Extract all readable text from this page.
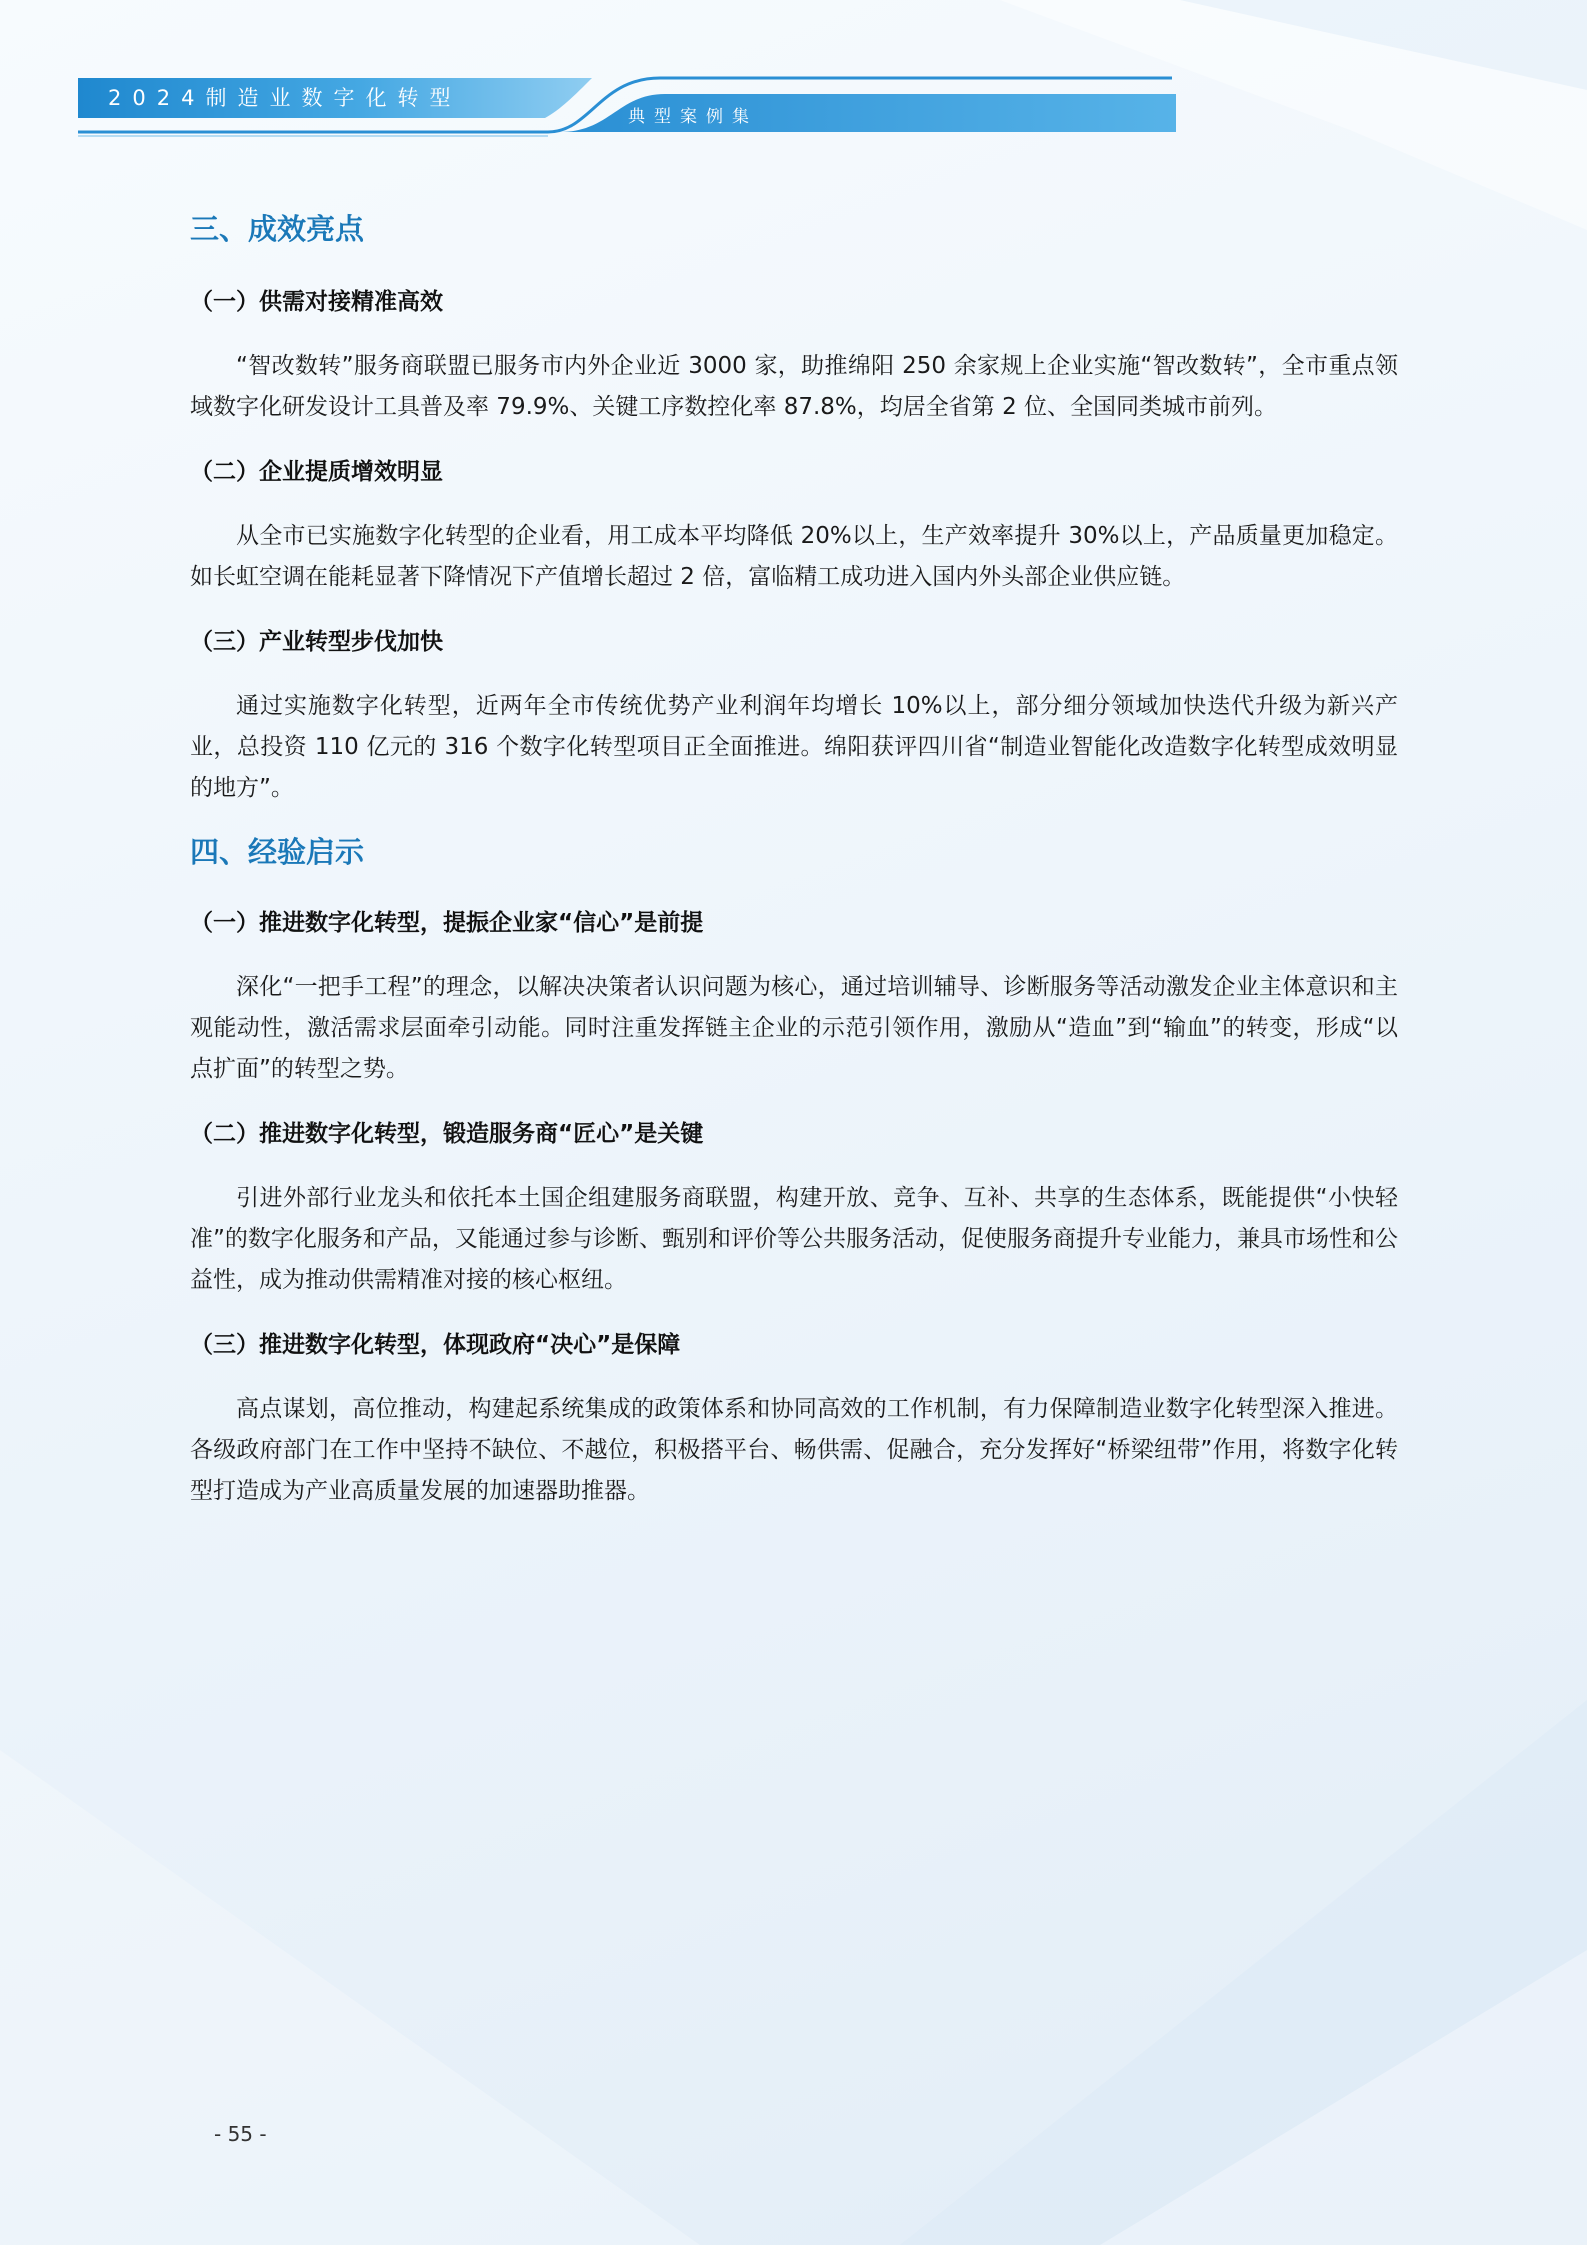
2024制造业数字化转型
典型案例集
三、成效亮点
（一）供需对接精准高效

“智改数转”服务商联盟已服务市内外企业近 3000 家，助推绵阳 250 余家规上企业实施“智改数转”，全市重点领域数字化研发设计工具普及率 79.9%、关键工序数控化率 87.8%，均居全省第 2 位、全国同类城市前列。

（二）企业提质增效明显

从全市已实施数字化转型的企业看，用工成本平均降低 20%以上，生产效率提升 30%以上，产品质量更加稳定。如长虹空调在能耗显著下降情况下产值增长超过 2 倍，富临精工成功进入国内外头部企业供应链。

（三）产业转型步伐加快

通过实施数字化转型，近两年全市传统优势产业利润年均增长 10%以上，部分细分领域加快迭代升级为新兴产业，总投资 110 亿元的 316 个数字化转型项目正全面推进。绵阳获评四川省“制造业智能化改造数字化转型成效明显的地方”。

四、经验启示
（一）推进数字化转型，提振企业家“信心”是前提

深化“一把手工程”的理念，以解决决策者认识问题为核心，通过培训辅导、诊断服务等活动激发企业主体意识和主观能动性，激活需求层面牵引动能。同时注重发挥链主企业的示范引领作用，激励从“造血”到“输血”的转变，形成“以点扩面”的转型之势。

（二）推进数字化转型，锻造服务商“匠心”是关键

引进外部行业龙头和依托本土国企组建服务商联盟，构建开放、竞争、互补、共享的生态体系，既能提供“小快轻准”的数字化服务和产品，又能通过参与诊断、甄别和评价等公共服务活动，促使服务商提升专业能力，兼具市场性和公益性，成为推动供需精准对接的核心枢纽。

（三）推进数字化转型，体现政府“决心”是保障

高点谋划，高位推动，构建起系统集成的政策体系和协同高效的工作机制，有力保障制造业数字化转型深入推进。各级政府部门在工作中坚持不缺位、不越位，积极搭平台、畅供需、促融合，充分发挥好“桥梁纽带”作用，将数字化转型打造成为产业高质量发展的加速器助推器。

- 55 -
